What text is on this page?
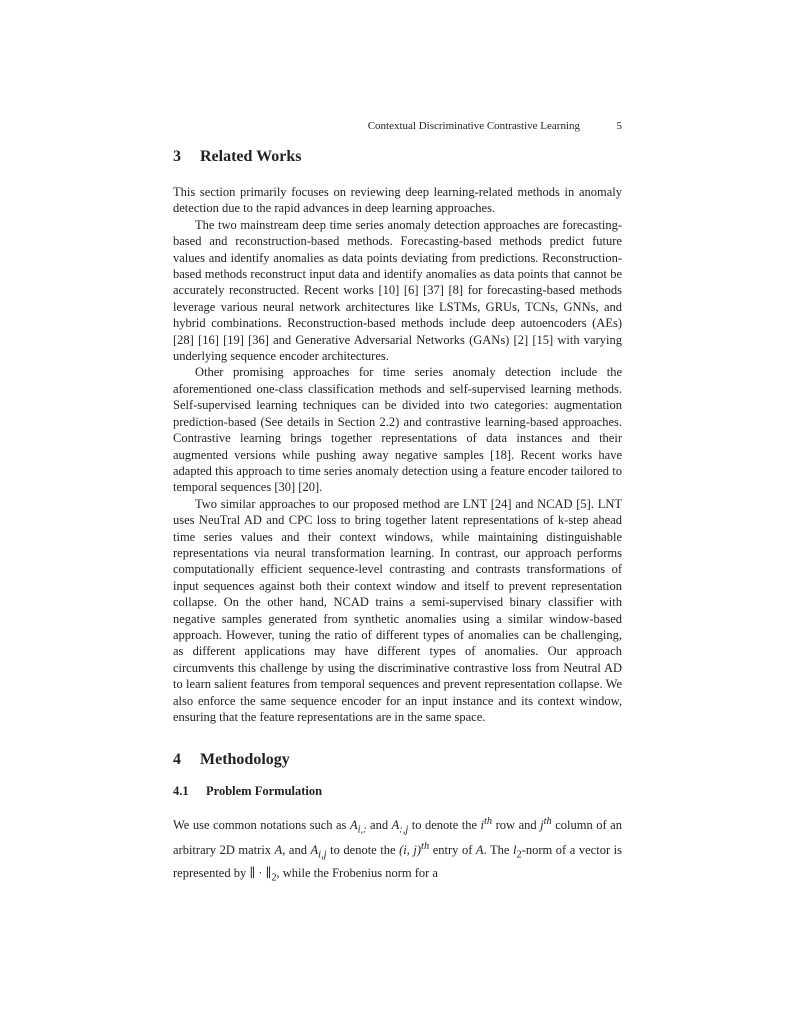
Contextual Discriminative Contrastive Learning	5
3 Related Works

This section primarily focuses on reviewing deep learning-related methods in anomaly detection due to the rapid advances in deep learning approaches.

The two mainstream deep time series anomaly detection approaches are forecasting-based and reconstruction-based methods. Forecasting-based methods predict future values and identify anomalies as data points deviating from predictions. Reconstruction-based methods reconstruct input data and identify anomalies as data points that cannot be accurately reconstructed. Recent works [10] [6] [37] [8] for forecasting-based methods leverage various neural network architectures like LSTMs, GRUs, TCNs, GNNs, and hybrid combinations. Reconstruction-based methods include deep autoencoders (AEs) [28] [16] [19] [36] and Generative Adversarial Networks (GANs) [2] [15] with varying underlying sequence encoder architectures.

Other promising approaches for time series anomaly detection include the aforementioned one-class classification methods and self-supervised learning methods. Self-supervised learning techniques can be divided into two categories: augmentation prediction-based (See details in Section 2.2) and contrastive learning-based approaches. Contrastive learning brings together representations of data instances and their augmented versions while pushing away negative samples [18]. Recent works have adapted this approach to time series anomaly detection using a feature encoder tailored to temporal sequences [30] [20].

Two similar approaches to our proposed method are LNT [24] and NCAD [5]. LNT uses NeuTral AD and CPC loss to bring together latent representations of k-step ahead time series values and their context windows, while maintaining distinguishable representations via neural transformation learning. In contrast, our approach performs computationally efficient sequence-level contrasting and contrasts transformations of input sequences against both their context window and itself to prevent representation collapse. On the other hand, NCAD trains a semi-supervised binary classifier with negative samples generated from synthetic anomalies using a similar window-based approach. However, tuning the ratio of different types of anomalies can be challenging, as different applications may have different types of anomalies. Our approach circumvents this challenge by using the discriminative contrastive loss from Neutral AD to learn salient features from temporal sequences and prevent representation collapse. We also enforce the same sequence encoder for an input instance and its context window, ensuring that the feature representations are in the same space.

4 Methodology
4.1 Problem Formulation

We use common notations such as $A_{i,:}$ and $A_{:,j}$ to denote the $i^{th}$ row and $j^{th}$ column of an arbitrary 2D matrix A, and $A_{i,j}$ to denote the (i, j)$^{th}$ entry of A. The $l_2$-norm of a vector is represented by ∥ · $\parallel_2$, while the Frobenius norm for a
